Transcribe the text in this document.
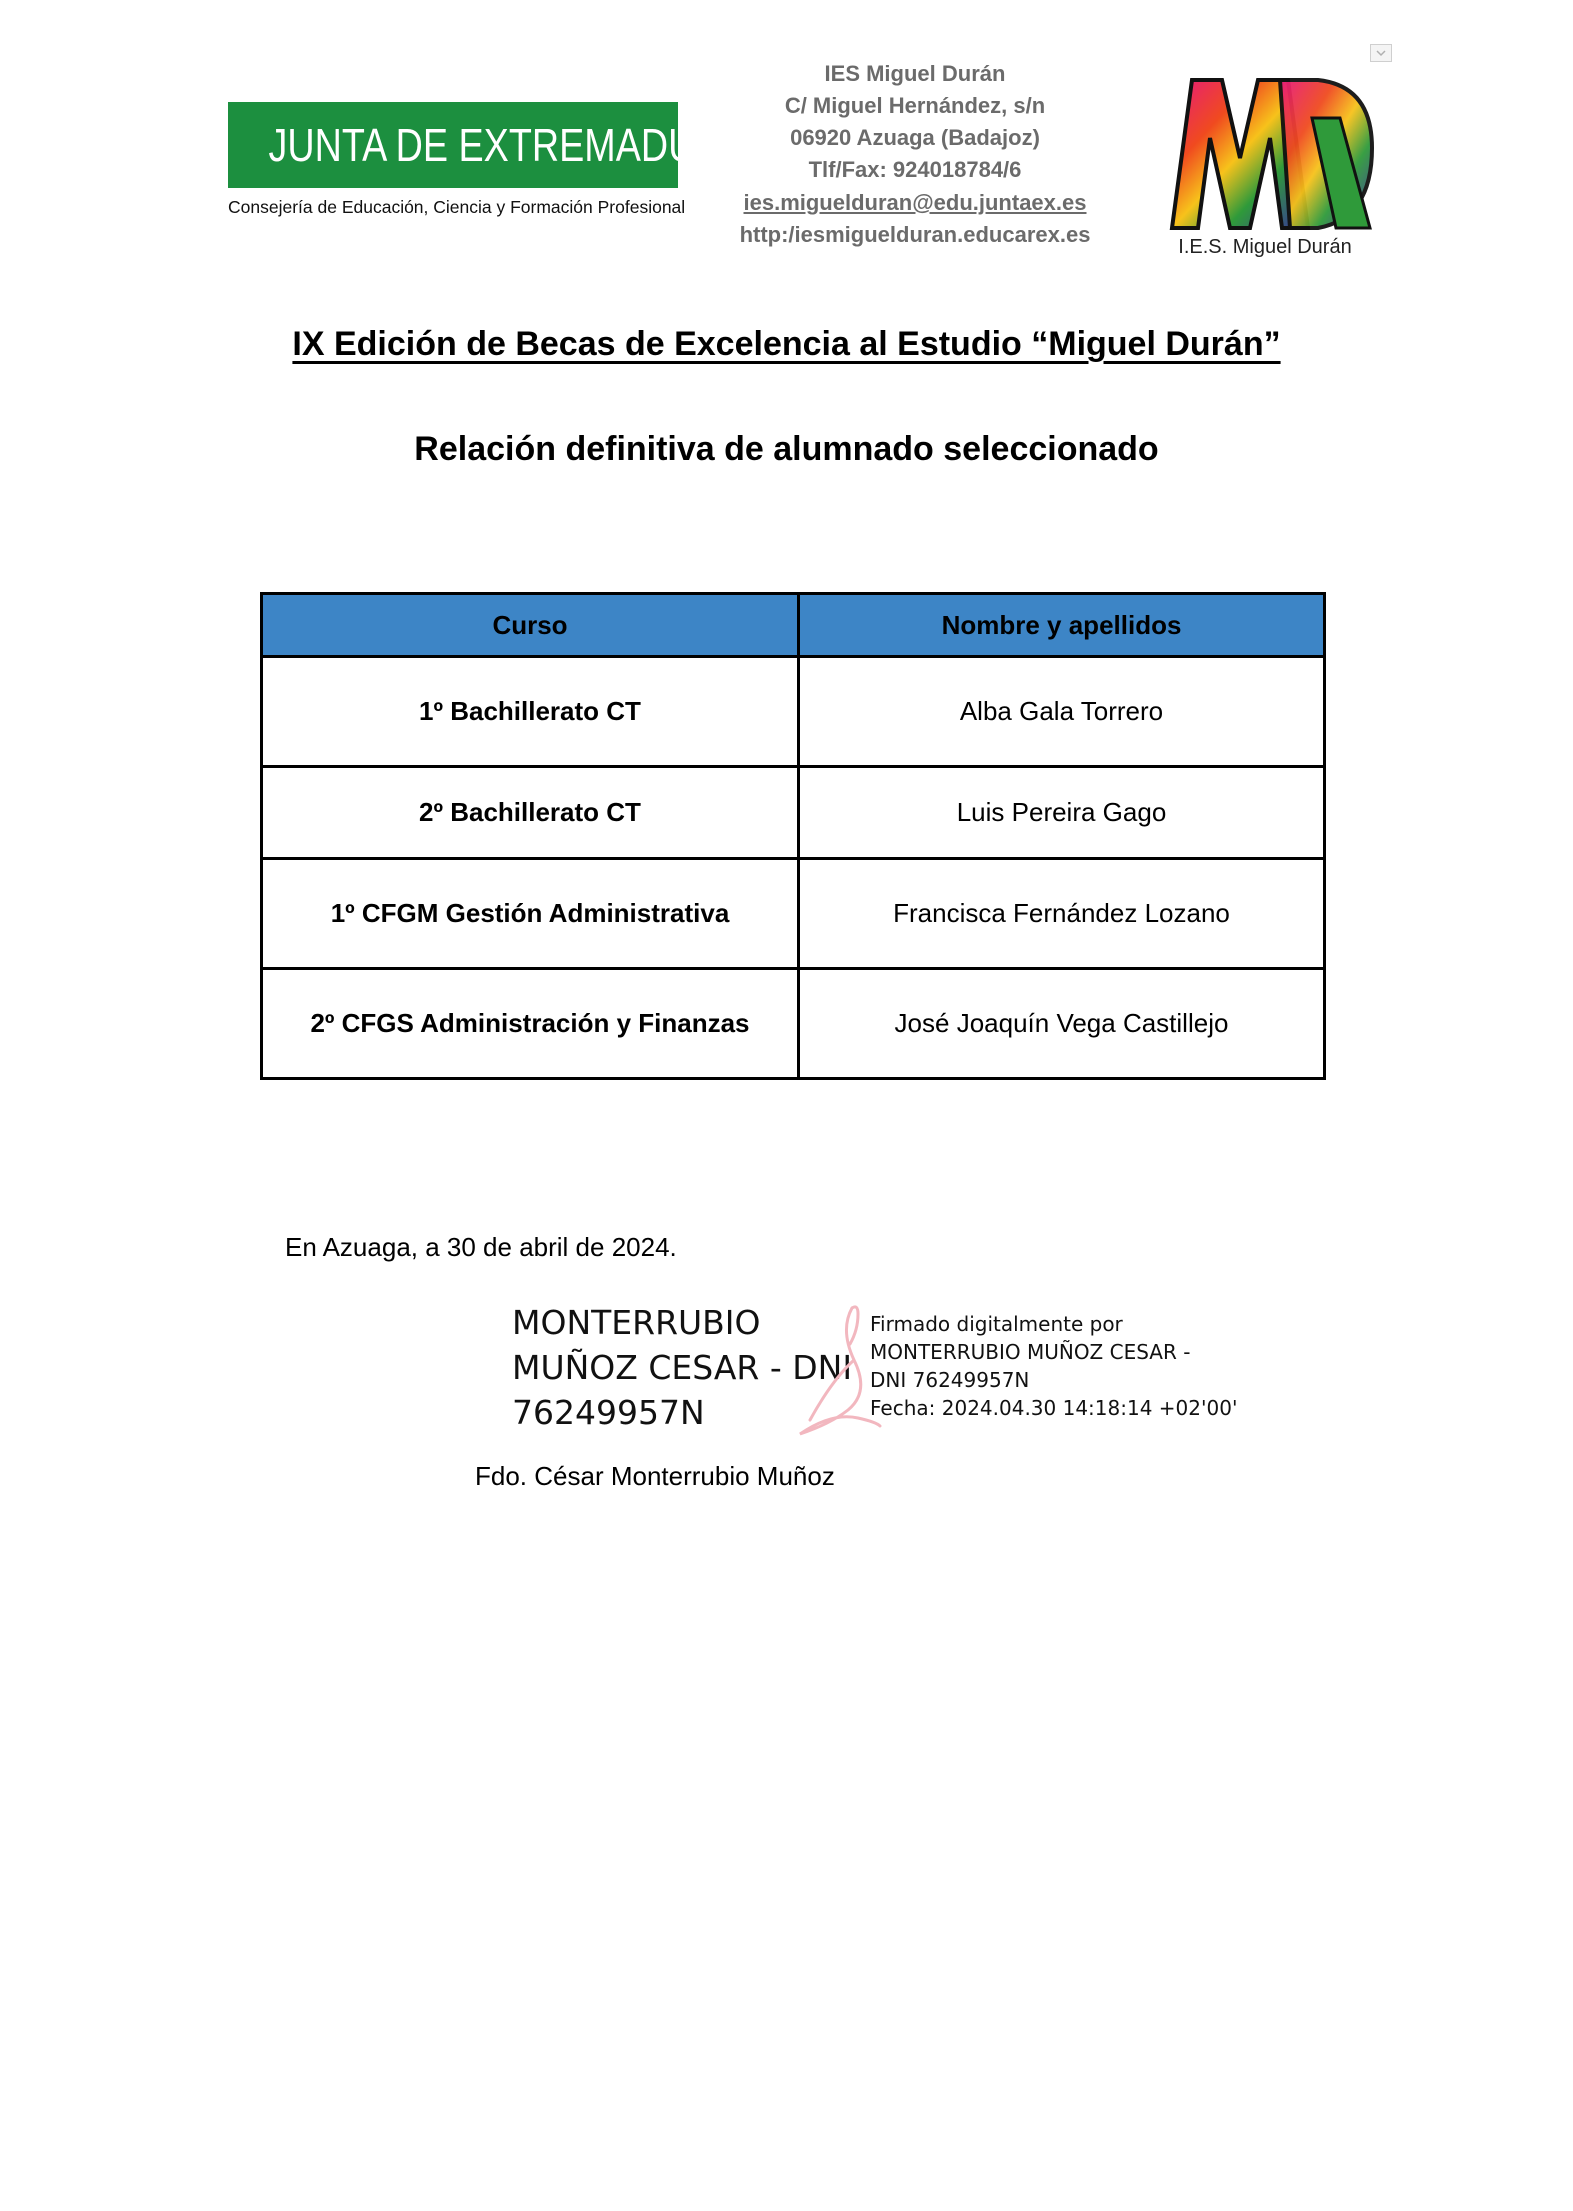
JUNTA DE EXTREMADURA
Consejería de Educación, Ciencia y Formación Profesional
IES Miguel Durán
C/ Miguel Hernández, s/n
06920 Azuaga (Badajoz)
Tlf/Fax: 924018784/6
ies.miguelduran@edu.juntaex.es
http:/iesmiguelduran.educarex.es
MD
I.E.S. Miguel Durán
IX Edición de Becas de Excelencia al Estudio “Miguel Durán”
Relación definitiva de alumnado seleccionado
Curso	Nombre y apellidos
1º Bachillerato CT	Alba Gala Torrero
2º Bachillerato CT	Luis Pereira Gago
1º CFGM Gestión Administrativa	Francisca Fernández Lozano
2º CFGS Administración y Finanzas	José Joaquín Vega Castillejo
En Azuaga, a 30 de abril de 2024.
MONTERRUBIO
MUÑOZ CESAR - DNI
76249957N
Firmado digitalmente por
MONTERRUBIO MUÑOZ CESAR -
DNI 76249957N
Fecha: 2024.04.30 14:18:14 +02'00'
Fdo. César Monterrubio Muñoz
